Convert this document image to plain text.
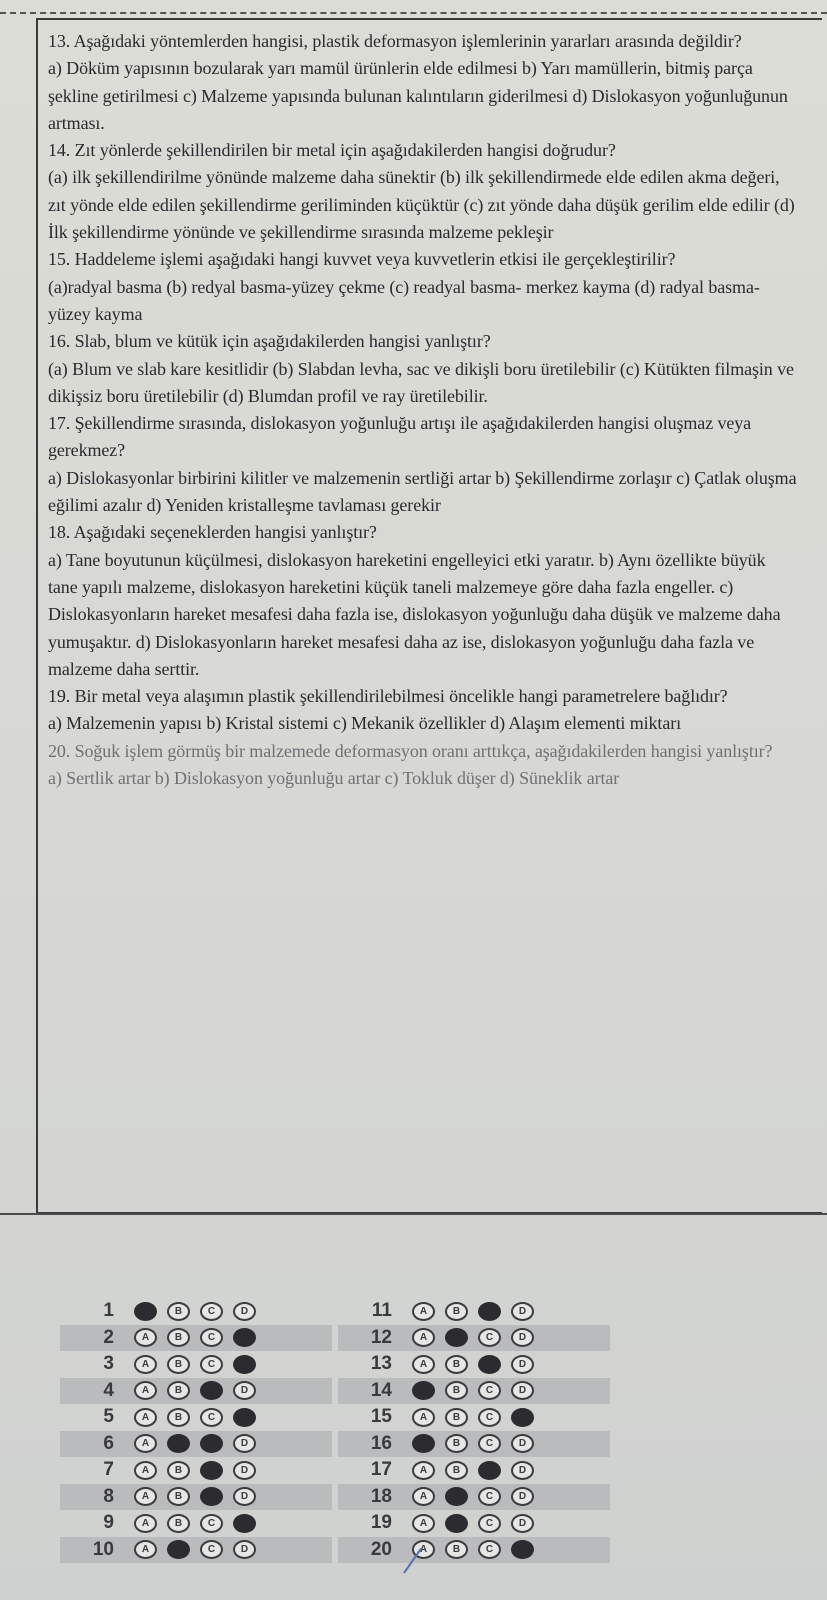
13. Aşağıdaki yöntemlerden hangisi, plastik deformasyon işlemlerinin yararları arasında değildir?
a) Döküm yapısının bozularak yarı mamül ürünlerin elde edilmesi b) Yarı mamüllerin, bitmiş parça şekline getirilmesi c) Malzeme yapısında bulunan kalıntıların giderilmesi d) Dislokasyon yoğunluğunun artması.

14. Zıt yönlerde şekillendirilen bir metal için aşağıdakilerden hangisi doğrudur?
(a) ilk şekillendirilme yönünde malzeme daha sünektir (b) ilk şekillendirmede elde edilen akma değeri, zıt yönde elde edilen şekillendirme geriliminden küçüktür (c) zıt yönde daha düşük gerilim elde edilir (d) İlk şekillendirme yönünde ve şekillendirme sırasında malzeme pekleşir

15. Haddeleme işlemi aşağıdaki hangi kuvvet veya kuvvetlerin etkisi ile gerçekleştirilir?
(a)radyal basma (b) redyal basma-yüzey çekme (c) readyal basma- merkez kayma (d) radyal basma-yüzey kayma

16. Slab, blum ve kütük için aşağıdakilerden hangisi yanlıştır?
(a) Blum ve slab kare kesitlidir (b) Slabdan levha, sac ve dikişli boru üretilebilir (c) Kütükten filmaşin ve dikişsiz boru üretilebilir (d) Blumdan profil ve ray üretilebilir.

17. Şekillendirme sırasında, dislokasyon yoğunluğu artışı ile aşağıdakilerden hangisi oluşmaz veya gerekmez?
a) Dislokasyonlar birbirini kilitler ve malzemenin sertliği artar b) Şekillendirme zorlaşır c) Çatlak oluşma eğilimi azalır d) Yeniden kristalleşme tavlaması gerekir

18. Aşağıdaki seçeneklerden hangisi yanlıştır?
a) Tane boyutunun küçülmesi, dislokasyon hareketini engelleyici etki yaratır. b) Aynı özellikte büyük tane yapılı malzeme, dislokasyon hareketini küçük taneli malzemeye göre daha fazla engeller. c) Dislokasyonların hareket mesafesi daha fazla ise, dislokasyon yoğunluğu daha düşük ve malzeme daha yumuşaktır. d) Dislokasyonların hareket mesafesi daha az ise, dislokasyon yoğunluğu daha fazla ve malzeme daha serttir.

19. Bir metal veya alaşımın plastik şekillendirilebilmesi öncelikle hangi parametrelere bağlıdır?
a) Malzemenin yapısı b) Kristal sistemi c) Mekanik özellikler d) Alaşım elementi miktarı

20. Soğuk işlem görmüş bir malzemede deformasyon oranı arttıkça, aşağıdakilerden hangisi yanlıştır?
a) Sertlik artar b) Dislokasyon yoğunluğu artar c) Tokluk düşer d) Süneklik artar

1	A	B	C	D
2	A	B	C	D
3	A	B	C	D
4	A	B	C	D
5	A	B	C	D
6	A	B	C	D
7	A	B	C	D
8	A	B	C	D
9	A	B	C	D
10	A	B	C	D
11	A	B	C	D
12	A	B	C	D
13	A	B	C	D
14	A	B	C	D
15	A	B	C	D
16	A	B	C	D
17	A	B	C	D
18	A	B	C	D
19	A	B	C	D
20	A	B	C	D
